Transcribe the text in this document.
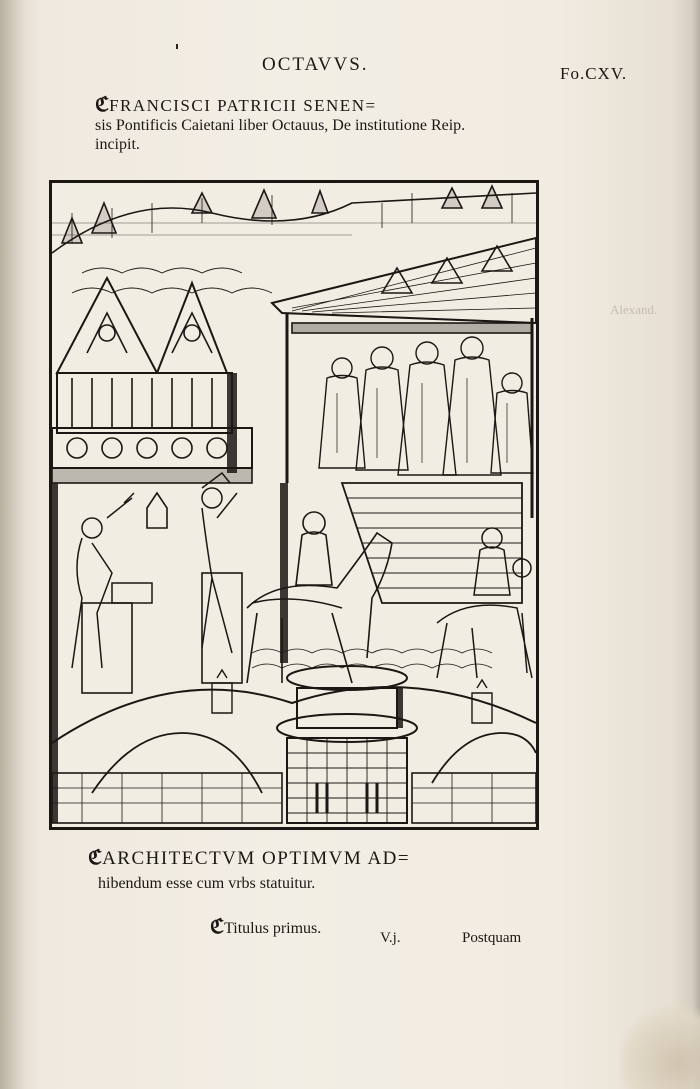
OCTAVVS.	Fo.CXV.
Alexand.
ℭFRANCISCI PATRICII SENEN=
sis Pontificis Caietani liber Octauus, De institutione Reip.
incipit.
ℭARCHITECTVM OPTIMVM AD=
hibendum esse cum vrbs statuitur.
ℭTitulus primus.
V.j.	Postquam
